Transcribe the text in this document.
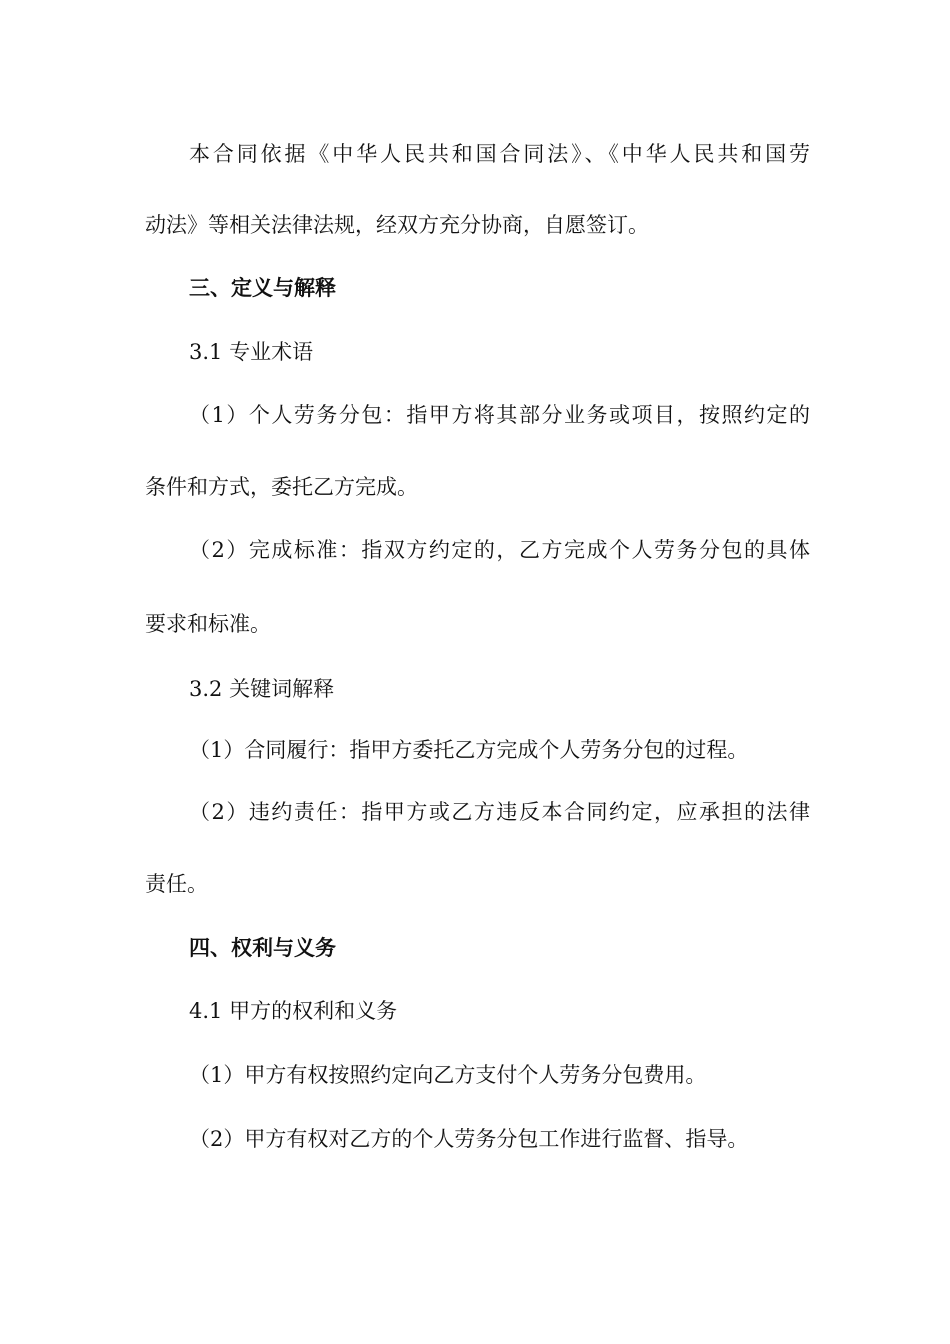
本合同依据《中华人民共和国合同法》、《中华人民共和国劳
动法》等相关法律法规，经双方充分协商，自愿签订。
三、定义与解释
3.1 专业术语
（1）个人劳务分包：指甲方将其部分业务或项目，按照约定的
条件和方式，委托乙方完成。
（2）完成标准：指双方约定的，乙方完成个人劳务分包的具体
要求和标准。
3.2 关键词解释
（1）合同履行：指甲方委托乙方完成个人劳务分包的过程。
（2）违约责任：指甲方或乙方违反本合同约定，应承担的法律
责任。
四、权利与义务
4.1 甲方的权利和义务
（1）甲方有权按照约定向乙方支付个人劳务分包费用。
（2）甲方有权对乙方的个人劳务分包工作进行监督、指导。
